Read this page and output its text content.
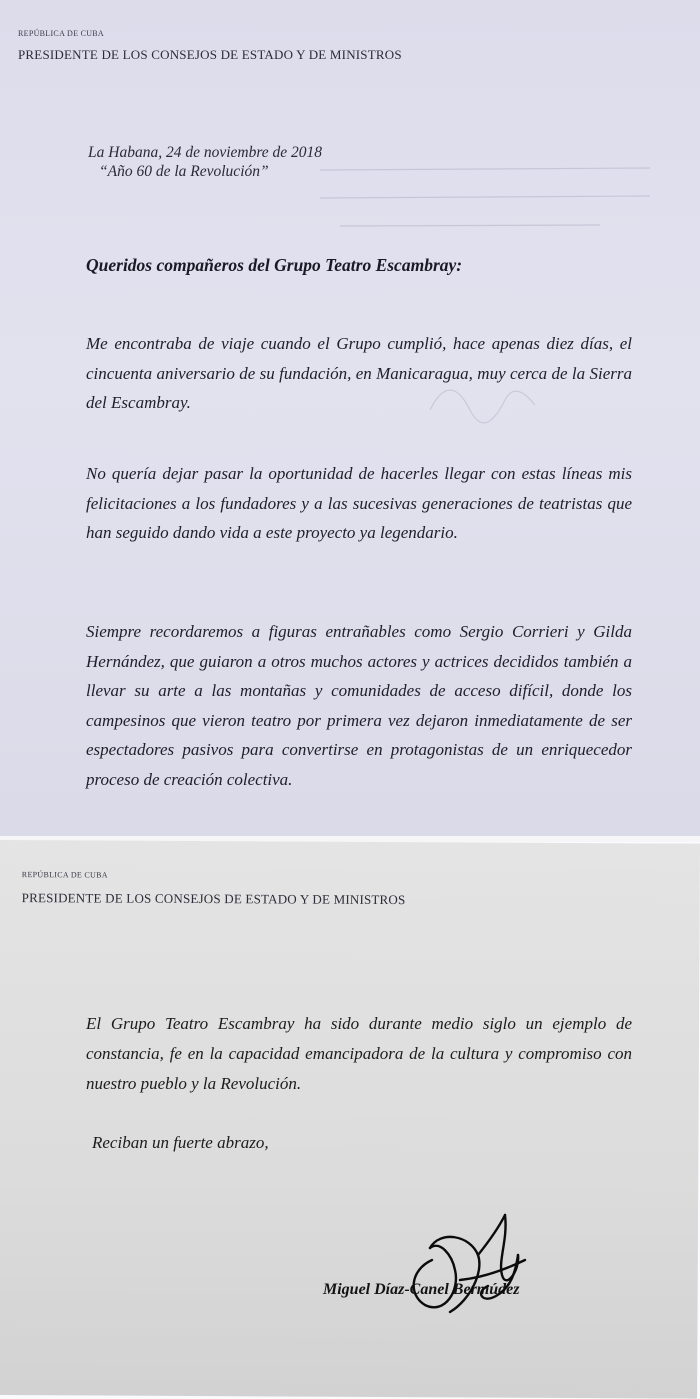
REPÚBLICA DE CUBA
PRESIDENTE DE LOS CONSEJOS DE ESTADO Y DE MINISTROS
La Habana, 24 de noviembre de 2018
“Año 60 de la Revolución”
Queridos compañeros del Grupo Teatro Escambray:
Me encontraba de viaje cuando el Grupo cumplió, hace apenas diez días, el cincuenta aniversario de su fundación, en Manicaragua, muy cerca de la Sierra del Escambray.
No quería dejar pasar la oportunidad de hacerles llegar con estas líneas mis felicitaciones a los fundadores y a las sucesivas generaciones de teatristas que han seguido dando vida a este proyecto ya legendario.
Siempre recordaremos a figuras entrañables como Sergio Corrieri y Gilda Hernández, que guiaron a otros muchos actores y actrices decididos también a llevar su arte a las montañas y comunidades de acceso difícil, donde los campesinos que vieron teatro por primera vez dejaron inmediatamente de ser espectadores pasivos para convertirse en protagonistas de un enriquecedor proceso de creación colectiva.
REPÚBLICA DE CUBA
PRESIDENTE DE LOS CONSEJOS DE ESTADO Y DE MINISTROS
El Grupo Teatro Escambray ha sido durante medio siglo un ejemplo de constancia, fe en la capacidad emancipadora de la cultura y compromiso con nuestro pueblo y la Revolución.
Reciban un fuerte abrazo,
Miguel Díaz-Canel Bermúdez
